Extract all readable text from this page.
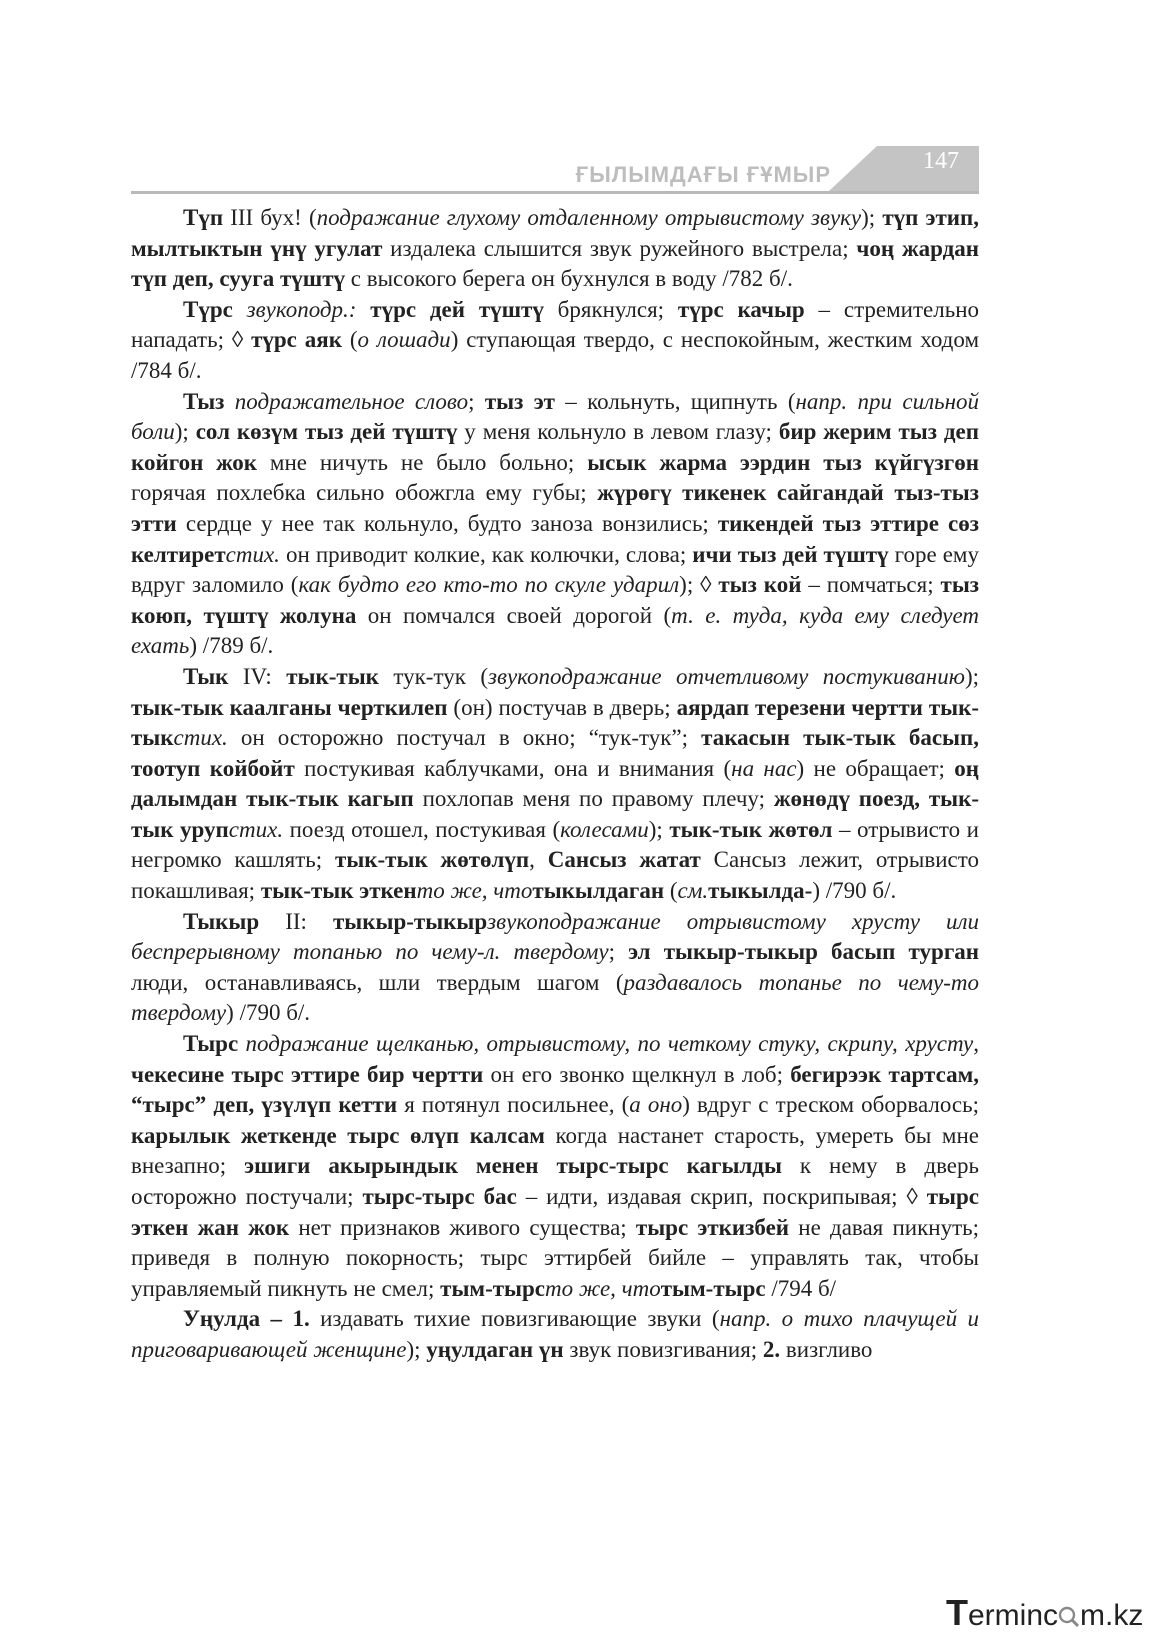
ҒЫЛЫМДАҒЫ ҒҰМЫР
147

Түп III бух! (подражание глухому отдаленному отрывистому звуку); түп этип, мылтыктын үнү угулат издалека слышится звук ружейного выстрела; чоң жардан түп деп, сууга түштү с высокого берега он бухнулся в воду /782 б/.

Түрс звукоподр.: түрс дей түштү брякнулся; түрс качыр – стремительно нападать; ◊ түрс аяк (о лошади) ступающая твердо, с неспокойным, жестким ходом /784 б/.

Тыз подражательное слово; тыз эт – кольнуть, щипнуть (напр. при сильной боли); сол көзүм тыз дей түштү у меня кольнуло в левом глазу; бир жерим тыз деп койгон жок мне ничуть не было больно; ысык жарма ээрдин тыз күйгүзгөн горячая похлебка сильно обожгла ему губы; жүрөгү тикенек сайгандай тыз-тыз этти сердце у нее так кольнуло, будто заноза вонзились; тикендей тыз эттире сөз келтиретстих. он приводит колкие, как колючки, слова; ичи тыз дей түштү горе ему вдруг заломило (как будто его кто-то по скуле ударил); ◊ тыз кой – помчаться; тыз коюп, түштү жолуна он помчался своей дорогой (т. е. туда, куда ему следует ехать) /789 б/.

Тык IV: тык-тык тук-тук (звукоподражание отчетливому постукиванию); тык-тык каалганы черткилеп (он) постучав в дверь; аярдап терезени чертти тык-тыкстих. он осторожно постучал в окно; “тук-тук”; такасын тык-тык басып, тоотуп койбойт постукивая каблучками, она и внимания (на нас) не обращает; оң далымдан тык-тык кагып похлопав меня по правому плечу; жөнөдү поезд, тык-тык урупстих. поезд отошел, постукивая (колесами); тык-тык жөтөл – отрывисто и негромко кашлять; тык-тык жөтөлүп, Сансыз жатат Сансыз лежит, отрывисто покашливая; тык-тык эткенто же, чтотыкылдаган (см.тыкылда-) /790 б/.

Тыкыр II: тыкыр-тыкырзвукоподражание отрывистому хрусту или беспрерывному топанью по чему-л. твердому; эл тыкыр-тыкыр басып турган люди, останавливаясь, шли твердым шагом (раздавалось топанье по чему-то твердому) /790 б/.

Тырс подражание щелканью, отрывистому, по четкому стуку, скрипу, хрусту, чекесине тырс эттире бир чертти он его звонко щелкнул в лоб; бегирээк тартсам, “тырс” деп, үзүлүп кетти я потянул посильнее, (а оно) вдруг с треском оборвалось; карылык жеткенде тырс өлүп калсам когда настанет старость, умереть бы мне внезапно; эшиги акырындык менен тырс-тырс кагылды к нему в дверь осторожно постучали; тырс-тырс бас – идти, издавая скрип, поскрипывая; ◊ тырс эткен жан жок нет признаков живого существа; тырс эткизбей не давая пикнуть; приведя в полную покорность; тырс эттирбей бийле – управлять так, чтобы управляемый пикнуть не смел; тым-тырсто же, чтотым-тырс /794 б/

Уңулда – 1. издавать тихие повизгивающие звуки (напр. о тихо плачущей и приговаривающей женщине); уңулдаган үн звук повизгивания; 2. визгливо

Terminc m.kz
